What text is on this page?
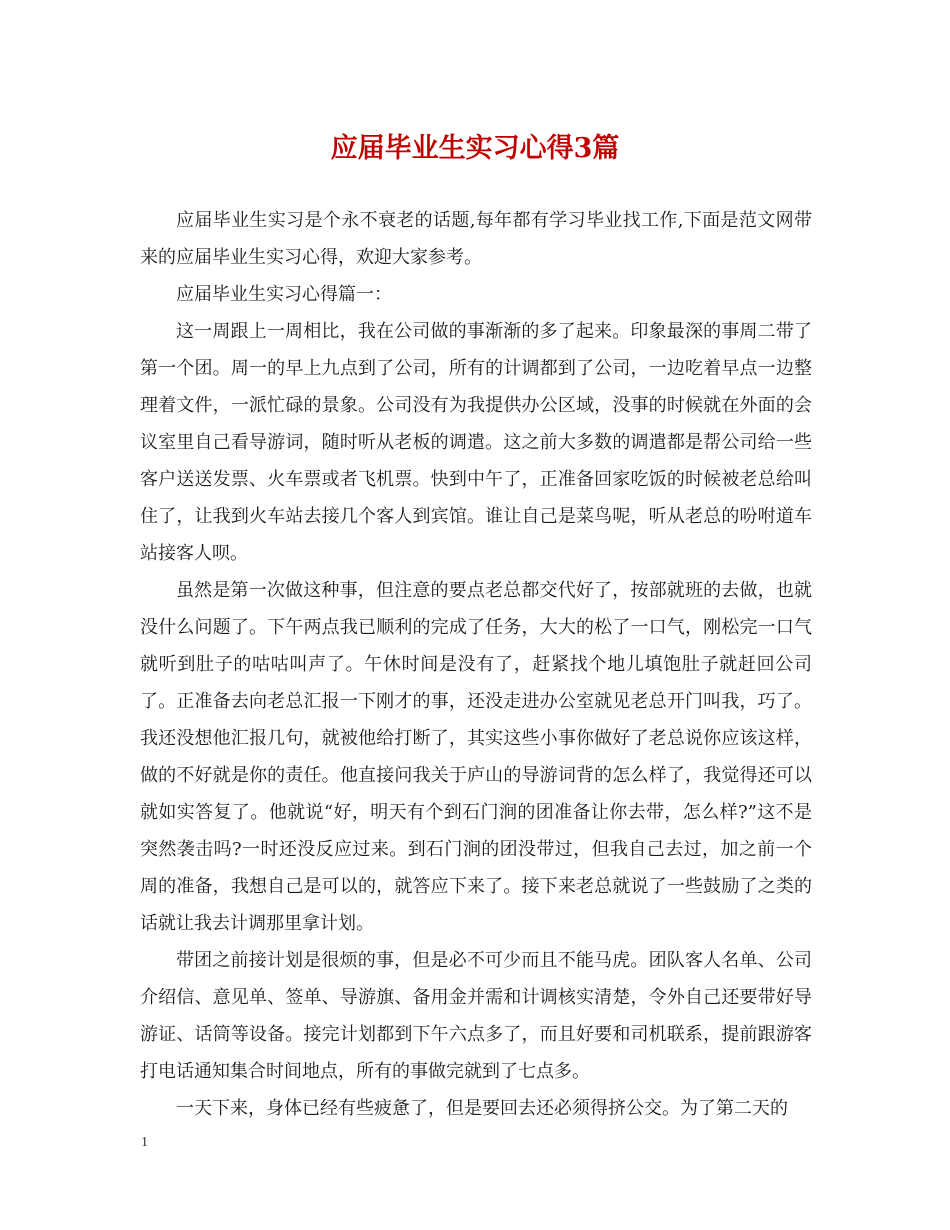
应届毕业生实习心得3篇

应届毕业生实习是个永不衰老的话题,每年都有学习毕业找工作,下面是范文网带来的应届毕业生实习心得，欢迎大家参考。

应届毕业生实习心得篇一：

这一周跟上一周相比，我在公司做的事渐渐的多了起来。印象最深的事周二带了第一个团。周一的早上九点到了公司，所有的计调都到了公司，一边吃着早点一边整理着文件，一派忙碌的景象。公司没有为我提供办公区域，没事的时候就在外面的会议室里自己看导游词，随时听从老板的调遣。这之前大多数的调遣都是帮公司给一些客户送送发票、火车票或者飞机票。快到中午了，正准备回家吃饭的时候被老总给叫住了，让我到火车站去接几个客人到宾馆。谁让自己是菜鸟呢，听从老总的吩咐道车站接客人呗。

虽然是第一次做这种事，但注意的要点老总都交代好了，按部就班的去做，也就没什么问题了。下午两点我已顺利的完成了任务，大大的松了一口气，刚松完一口气就听到肚子的咕咕叫声了。午休时间是没有了，赶紧找个地儿填饱肚子就赶回公司了。正准备去向老总汇报一下刚才的事，还没走进办公室就见老总开门叫我，巧了。我还没想他汇报几句，就被他给打断了，其实这些小事你做好了老总说你应该这样，做的不好就是你的责任。他直接问我关于庐山的导游词背的怎么样了，我觉得还可以就如实答复了。他就说“好，明天有个到石门涧的团准备让你去带，怎么样?”这不是突然袭击吗?一时还没反应过来。到石门涧的团没带过，但我自己去过，加之前一个周的准备，我想自己是可以的，就答应下来了。接下来老总就说了一些鼓励了之类的话就让我去计调那里拿计划。

带团之前接计划是很烦的事，但是必不可少而且不能马虎。团队客人名单、公司介绍信、意见单、签单、导游旗、备用金并需和计调核实清楚，令外自己还要带好导游证、话筒等设备。接完计划都到下午六点多了，而且好要和司机联系，提前跟游客打电话通知集合时间地点，所有的事做完就到了七点多。

一天下来，身体已经有些疲惫了，但是要回去还必须得挤公交。为了第二天的

1
